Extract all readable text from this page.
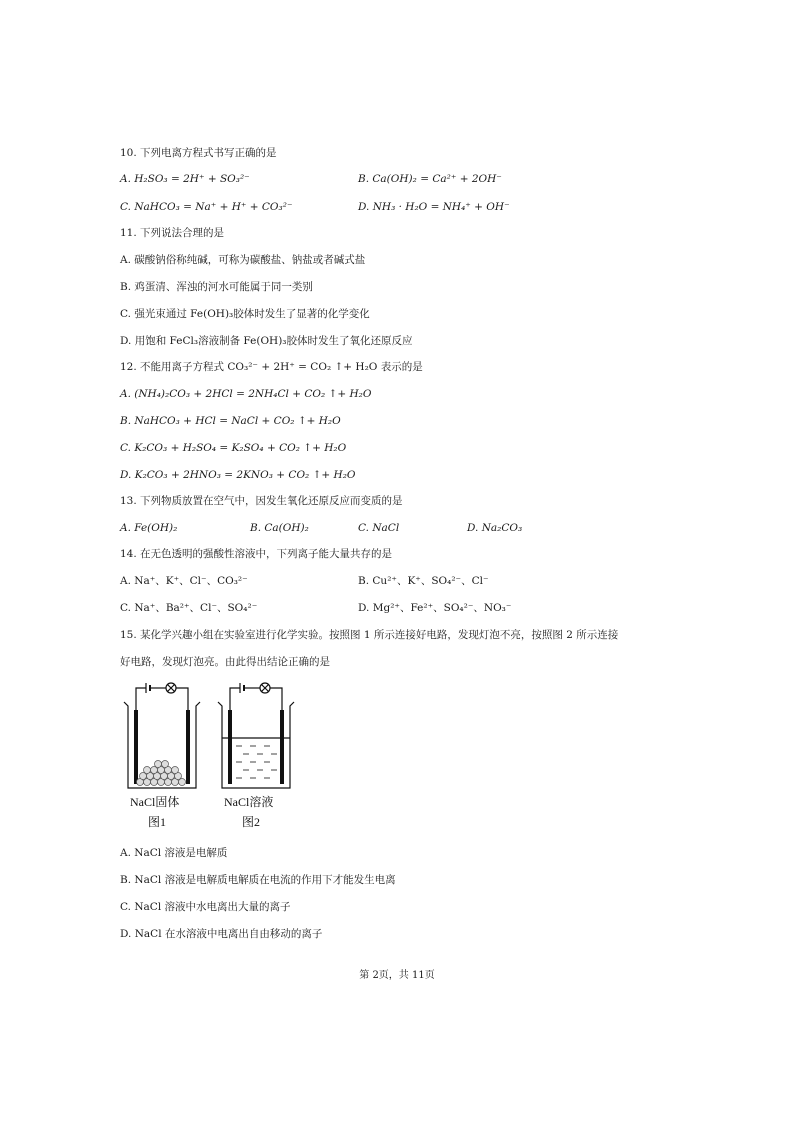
10. 下列电离方程式书写正确的是
A. H₂SO₃ = 2H⁺ + SO₃²⁻	B. Ca(OH)₂ = Ca²⁺ + 2OH⁻
C. NaHCO₃ = Na⁺ + H⁺ + CO₃²⁻	D. NH₃ · H₂O = NH₄⁺ + OH⁻
11. 下列说法合理的是
A. 碳酸钠俗称纯碱，可称为碳酸盐、钠盐或者碱式盐
B. 鸡蛋清、浑浊的河水可能属于同一类别
C. 强光束通过 Fe(OH)₃胶体时发生了显著的化学变化
D. 用饱和 FeCl₃溶液制备 Fe(OH)₃胶体时发生了氧化还原反应
12. 不能用离子方程式 CO₃²⁻ + 2H⁺ = CO₂ ↑+ H₂O 表示的是
A. (NH₄)₂CO₃ + 2HCl = 2NH₄Cl + CO₂ ↑+ H₂O
B. NaHCO₃ + HCl = NaCl + CO₂ ↑+ H₂O
C. K₂CO₃ + H₂SO₄ = K₂SO₄ + CO₂ ↑+ H₂O
D. K₂CO₃ + 2HNO₃ = 2KNO₃ + CO₂ ↑+ H₂O
13. 下列物质放置在空气中，因发生氧化还原反应而变质的是
A. Fe(OH)₂	B. Ca(OH)₂	C. NaCl	D. Na₂CO₃
14. 在无色透明的强酸性溶液中，下列离子能大量共存的是
A. Na⁺、K⁺、Cl⁻、CO₃²⁻	B. Cu²⁺、K⁺、SO₄²⁻、Cl⁻
C. Na⁺、Ba²⁺、Cl⁻、SO₄²⁻	D. Mg²⁺、Fe²⁺、SO₄²⁻、NO₃⁻
15. 某化学兴趣小组在实验室进行化学实验。按照图 1 所示连接好电路，发现灯泡不亮，按照图 2 所示连接
好电路，发现灯泡亮。由此得出结论正确的是
NaCl固体
图1
NaCl溶液
图2
A. NaCl 溶液是电解质
B. NaCl 溶液是电解质电解质在电流的作用下才能发生电离
C. NaCl 溶液中水电离出大量的离子
D. NaCl 在水溶液中电离出自由移动的离子
第 2页，共 11页
